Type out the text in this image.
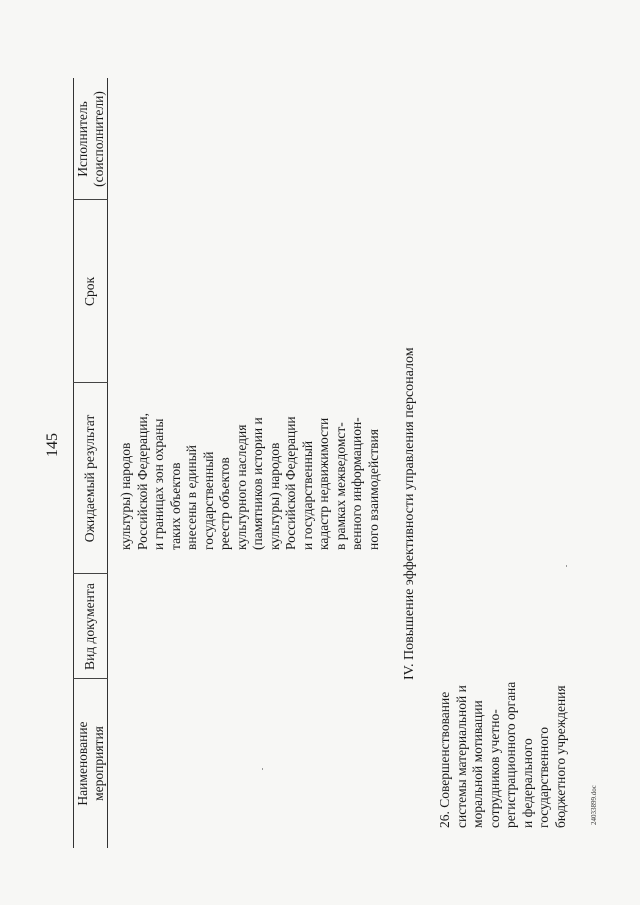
145
Наименование мероприятия
Вид документа
Ожидаемый результат
Срок
Исполнитель (соисполнители)
культуры) народов Российской Федерации, и границах зон охраны таких объектов внесены в единый государственный реестр объектов культурного наследия (памятников истории и культуры) народов Российской Федерации и государственный кадастр недвижимости в рамках межведомст- венного информацион- ного взаимодействия IV. Повышение эффективности управления персоналом
26. Совершенствование системы материальной и моральной мотивации сотрудников учетно- регистрационного органа и федерального государственного бюджетного учреждения	24033899.doc
